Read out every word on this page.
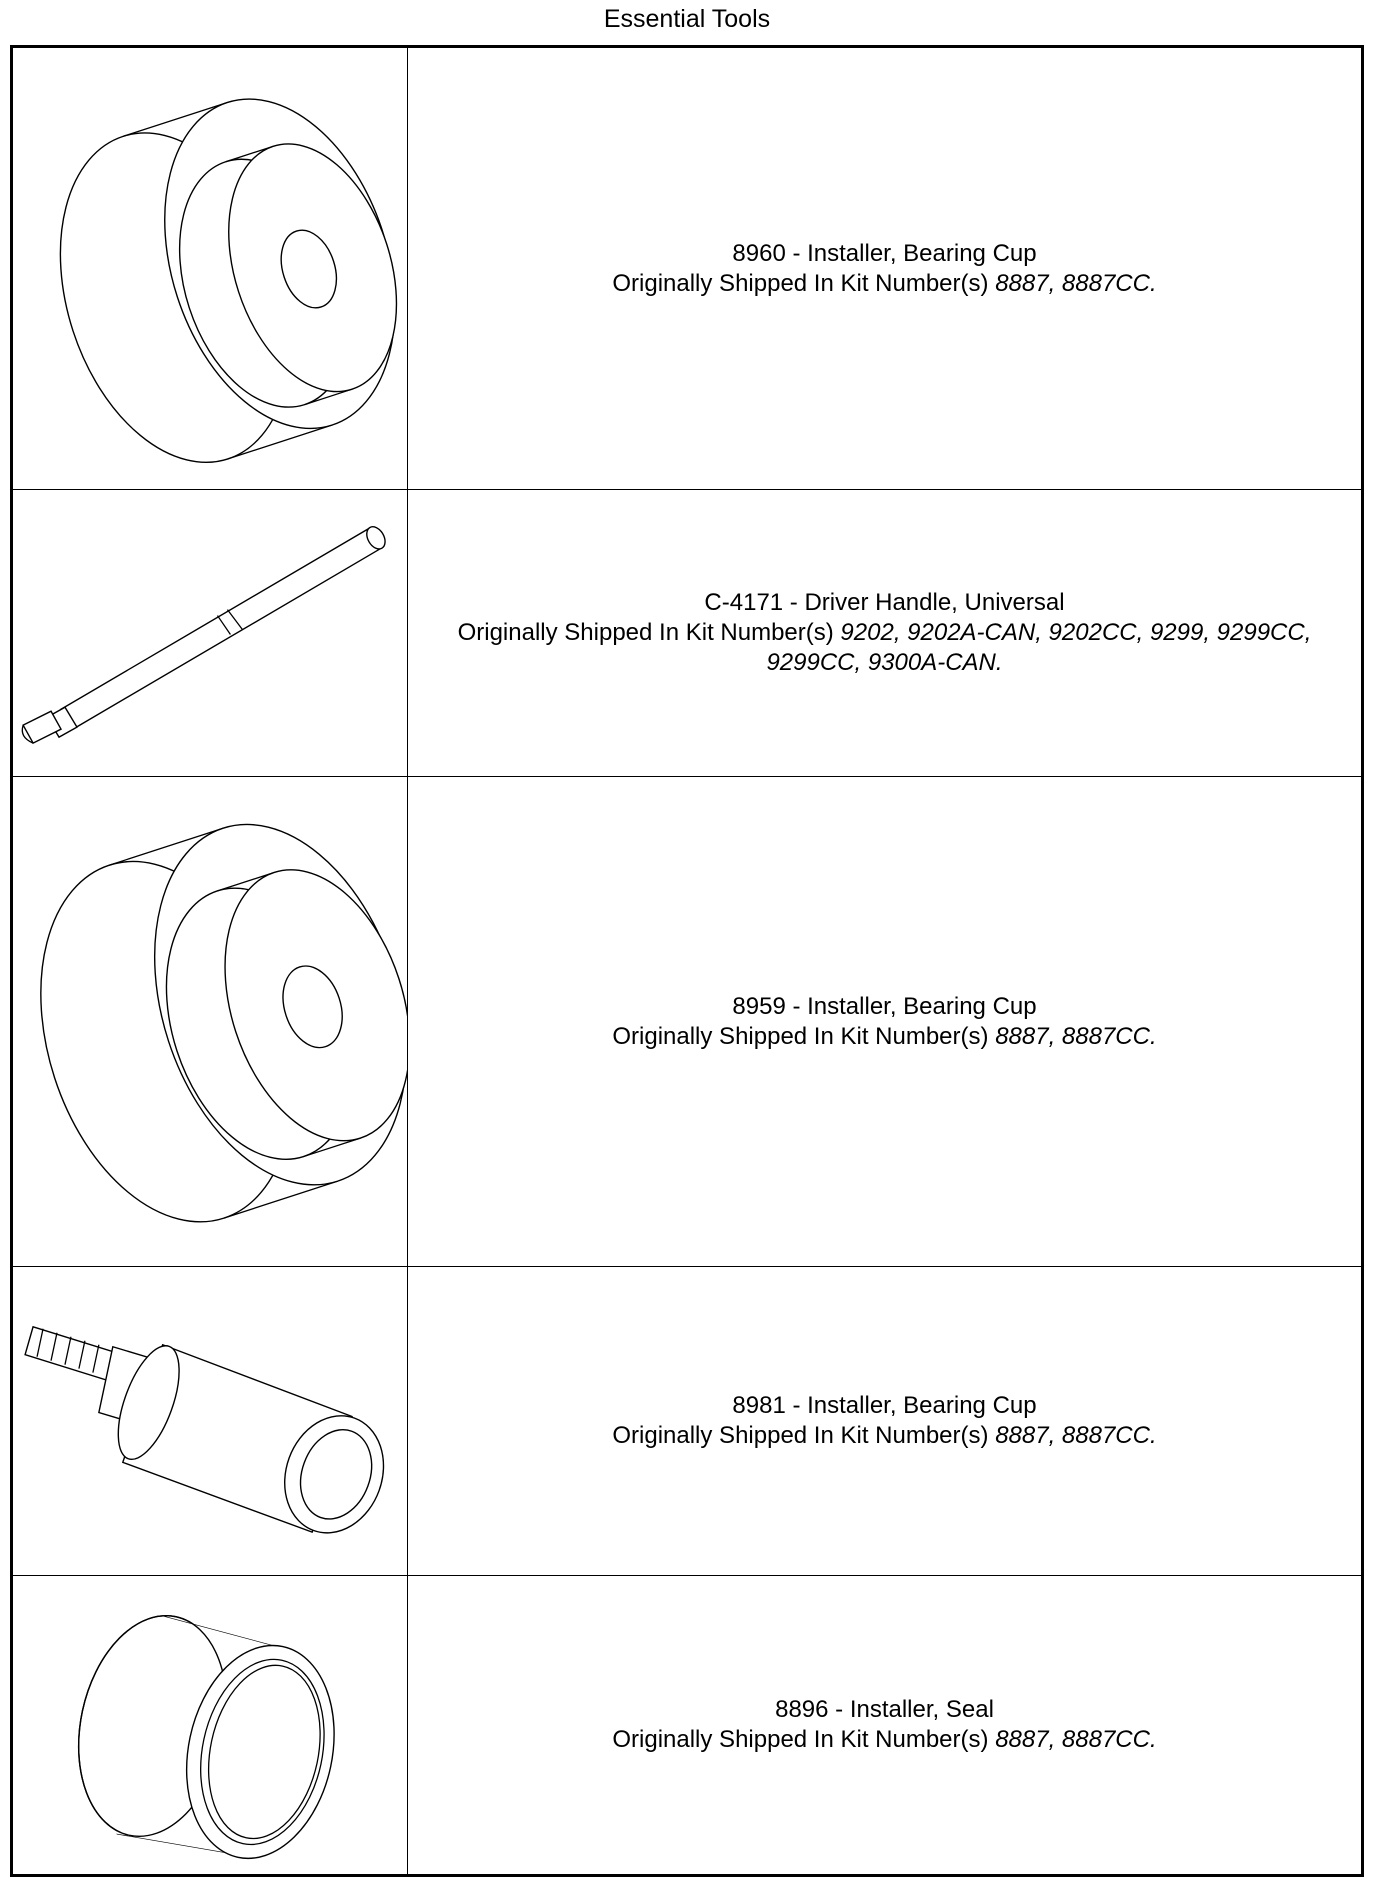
Essential Tools
8960 - Installer, Bearing Cup
Originally Shipped In Kit Number(s) 8887, 8887CC.
C-4171 - Driver Handle, Universal
Originally Shipped In Kit Number(s) 9202, 9202A-CAN, 9202CC, 9299, 9299CC, 9299CC, 9300A-CAN.
8959 - Installer, Bearing Cup
Originally Shipped In Kit Number(s) 8887, 8887CC.
8981 - Installer, Bearing Cup
Originally Shipped In Kit Number(s) 8887, 8887CC.
8896 - Installer, Seal
Originally Shipped In Kit Number(s) 8887, 8887CC.
